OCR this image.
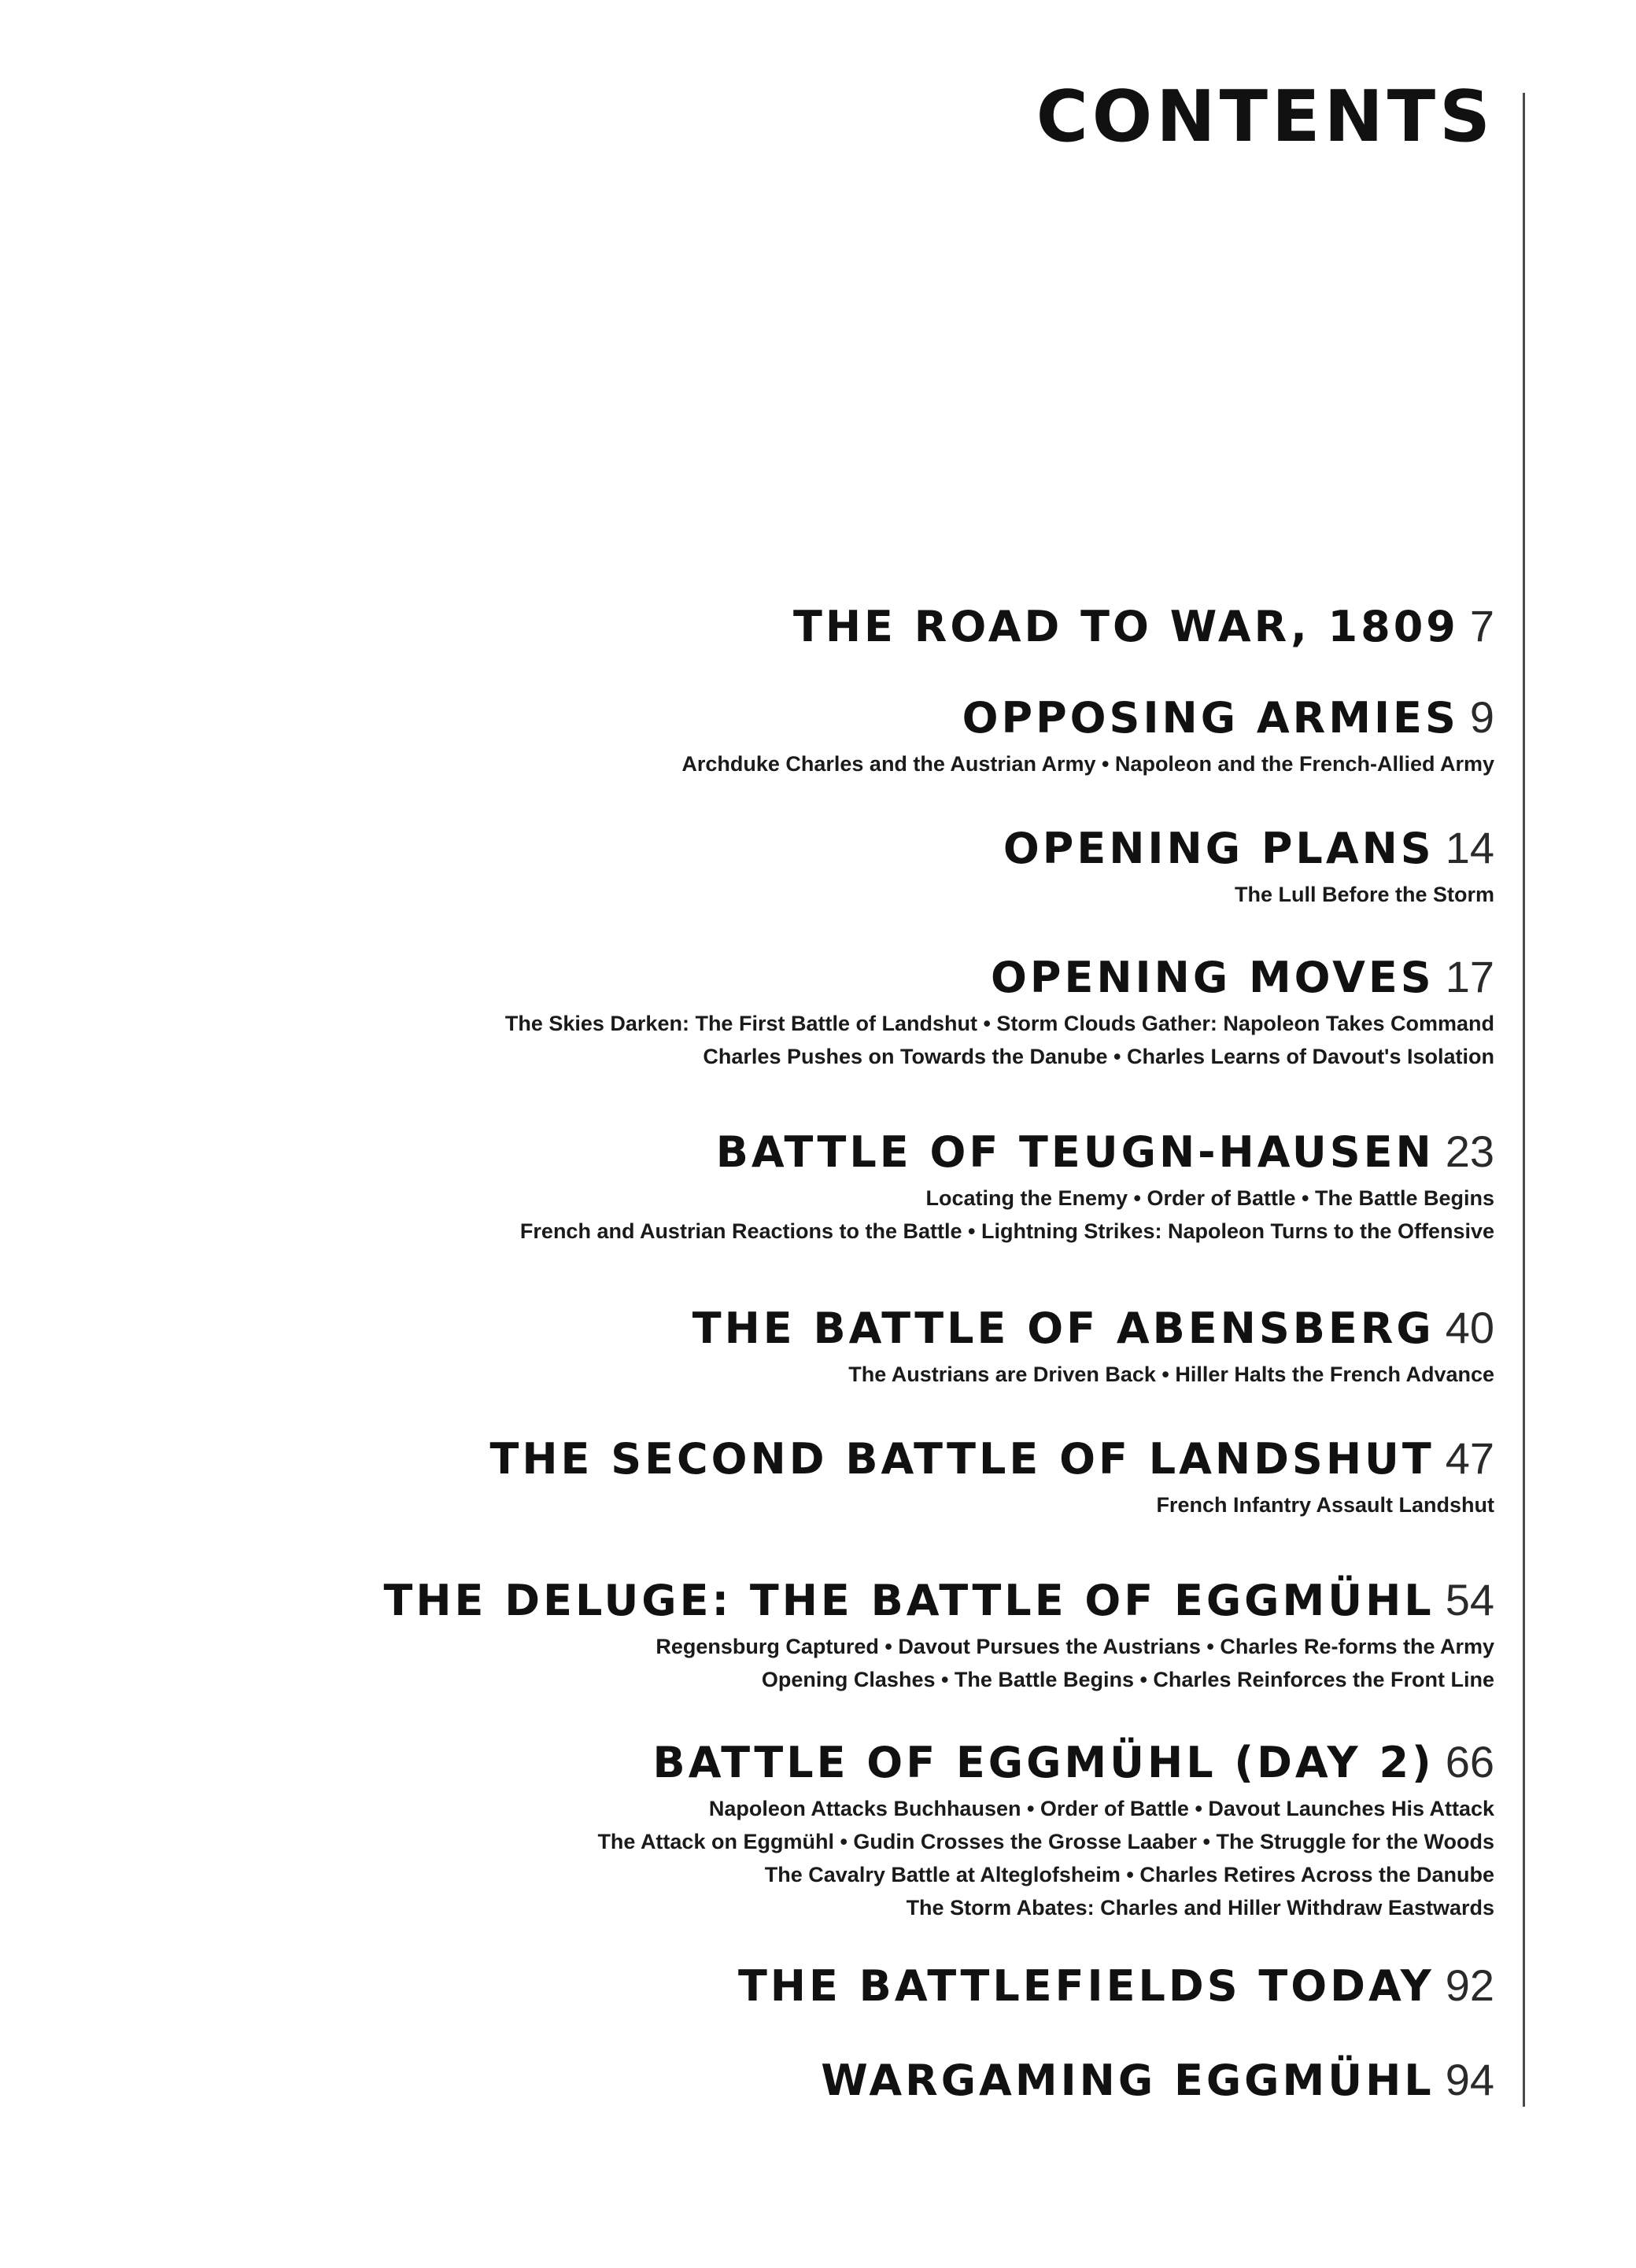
CONTENTS

THE ROAD TO WAR, 1809 7

OPPOSING ARMIES 9

Archduke Charles and the Austrian Army • Napoleon and the French-Allied Army

OPENING PLANS 14

The Lull Before the Storm

OPENING MOVES 17

The Skies Darken: The First Battle of Landshut • Storm Clouds Gather: Napoleon Takes Command

Charles Pushes on Towards the Danube • Charles Learns of Davout's Isolation

BATTLE OF TEUGN-HAUSEN 23

Locating the Enemy • Order of Battle • The Battle Begins

French and Austrian Reactions to the Battle • Lightning Strikes: Napoleon Turns to the Offensive

THE BATTLE OF ABENSBERG 40

The Austrians are Driven Back • Hiller Halts the French Advance

THE SECOND BATTLE OF LANDSHUT 47

French Infantry Assault Landshut

THE DELUGE: THE BATTLE OF EGGMÜHL 54

Regensburg Captured • Davout Pursues the Austrians • Charles Re-forms the Army

Opening Clashes • The Battle Begins • Charles Reinforces the Front Line

BATTLE OF EGGMÜHL (DAY 2) 66

Napoleon Attacks Buchhausen • Order of Battle • Davout Launches His Attack

The Attack on Eggmühl • Gudin Crosses the Grosse Laaber • The Struggle for the Woods

The Cavalry Battle at Alteglofsheim • Charles Retires Across the Danube

The Storm Abates: Charles and Hiller Withdraw Eastwards

THE BATTLEFIELDS TODAY 92

WARGAMING EGGMÜHL 94
